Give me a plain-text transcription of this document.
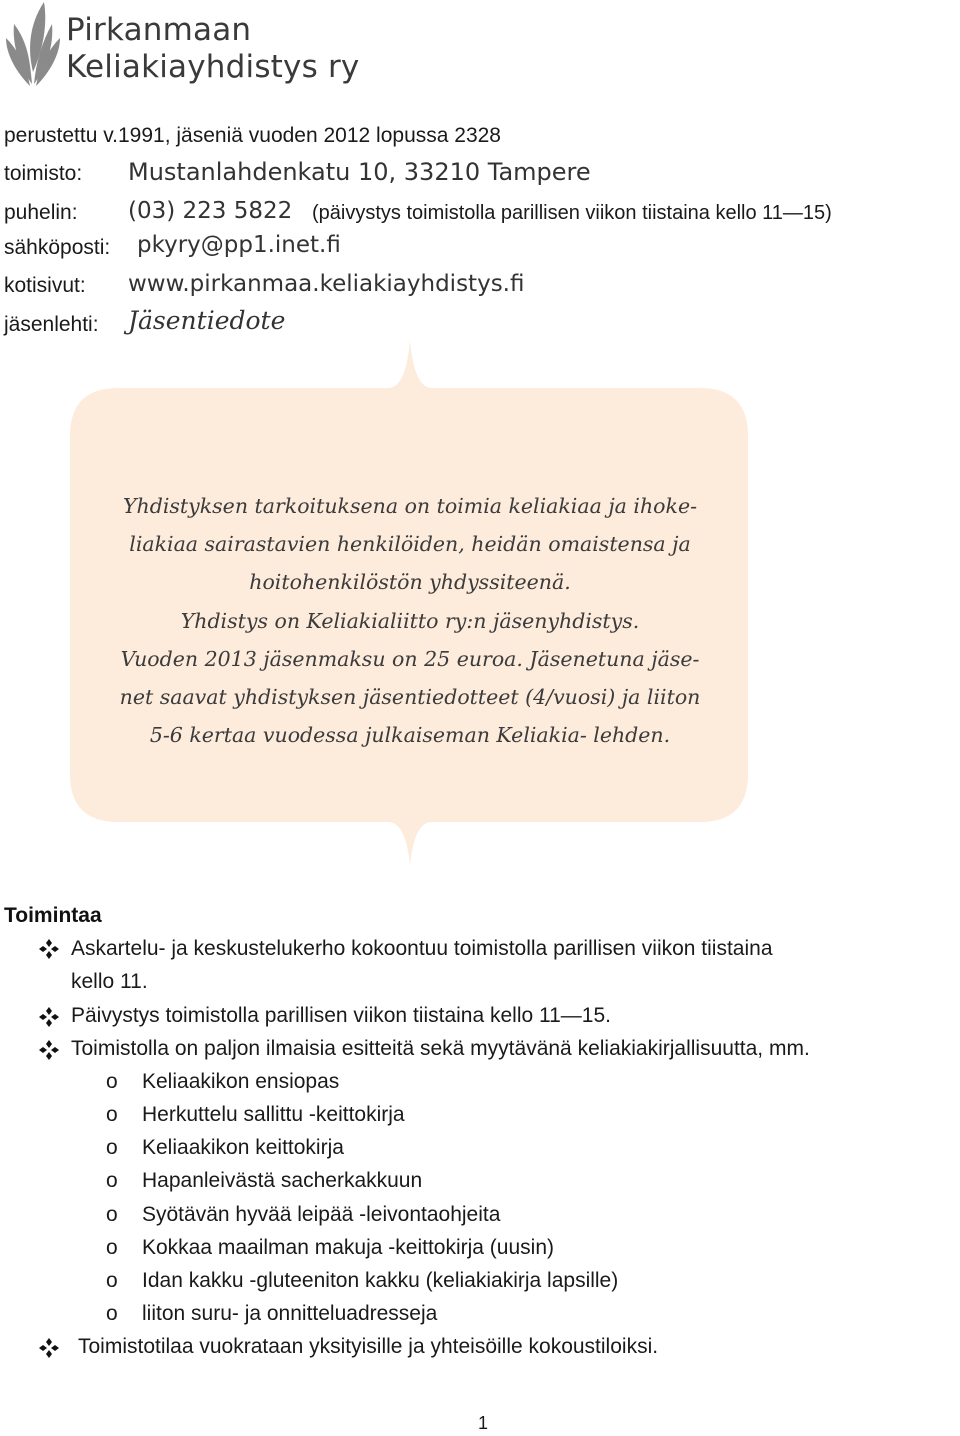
Pirkanmaan
Keliakiayhdistys ry
perustettu v.1991, jäseniä vuoden 2012 lopussa 2328
toimisto: Mustanlahdenkatu 10, 33210 Tampere
puhelin: (03) 223 5822 (päivystys toimistolla parillisen viikon tiistaina kello 11—15)
sähköposti: pkyry@pp1.inet.fi
kotisivut: www.pirkanmaa.keliakiayhdistys.fi
jäsenlehti: Jäsentiedote
Yhdistyksen tarkoituksena on toimia keliakiaa ja ihoke-
liakiaa sairastavien henkilöiden, heidän omaistensa ja
hoitohenkilöstön yhdyssiteenä.
Yhdistys on Keliakialiitto ry:n jäsenyhdistys.
Vuoden 2013 jäsenmaksu on 25 euroa. Jäsenetuna jäse-
net saavat yhdistyksen jäsentiedotteet (4/vuosi) ja liiton
5-6 kertaa vuodessa julkaiseman Keliakia- lehden.
Toimintaa
Askartelu- ja keskustelukerho kokoontuu toimistolla parillisen viikon tiistaina
kello 11.
Päivystys toimistolla parillisen viikon tiistaina kello 11—15.
Toimistolla on paljon ilmaisia esitteitä sekä myytävänä keliakiakirjallisuutta, mm.
o Keliaakikon ensiopas
o Herkuttelu sallittu -keittokirja
o Keliaakikon keittokirja
o Hapanleivästä sacherkakkuun
o Syötävän hyvää leipää -leivontaohjeita
o Kokkaa maailman makuja -keittokirja (uusin)
o Idan kakku -gluteeniton kakku (keliakiakirja lapsille)
o liiton suru- ja onnitteluadresseja
Toimistotilaa vuokrataan yksityisille ja yhteisöille kokoustiloiksi.
1
